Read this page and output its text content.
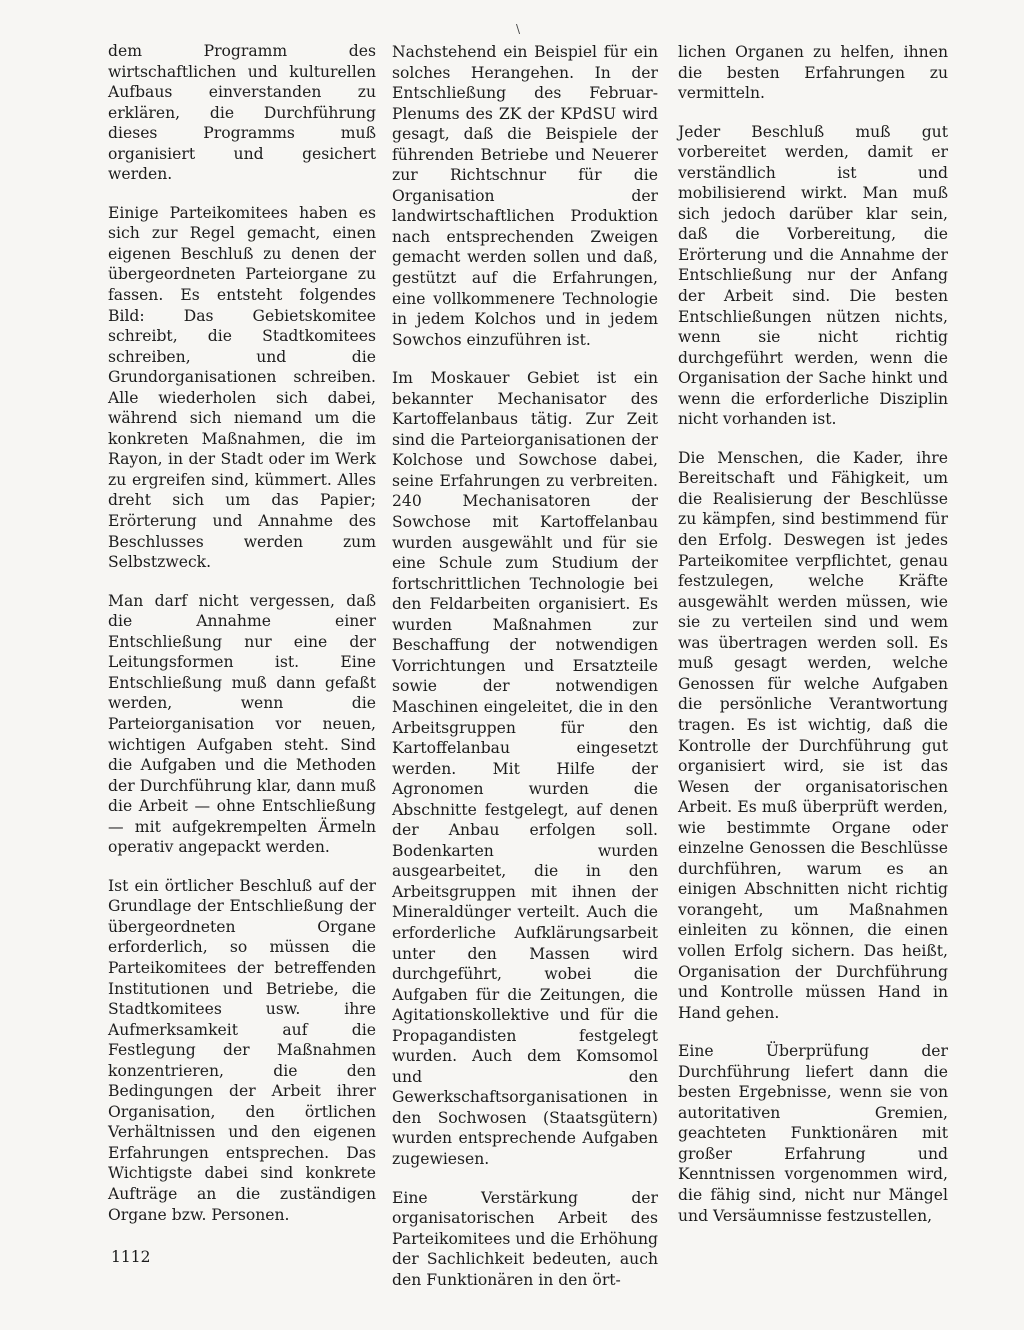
\

dem Programm des wirtschaftlichen und kulturellen Aufbaus einverstanden zu erklären, die Durchführung dieses Programms muß organisiert und gesichert werden.

Einige Parteikomitees haben es sich zur Regel gemacht, einen eigenen Beschluß zu denen der übergeordneten Parteiorgane zu fassen. Es entsteht folgendes Bild: Das Gebietskomitee schreibt, die Stadtkomitees schreiben, und die Grundorganisationen schreiben. Alle wiederholen sich dabei, während sich niemand um die konkreten Maßnahmen, die im Rayon, in der Stadt oder im Werk zu ergreifen sind, kümmert. Alles dreht sich um das Papier; Erörterung und Annahme des Beschlusses werden zum Selbstzweck.

Man darf nicht vergessen, daß die Annahme einer Entschließung nur eine der Leitungsformen ist. Eine Entschließung muß dann gefaßt werden, wenn die Parteiorganisation vor neuen, wichtigen Aufgaben steht. Sind die Aufgaben und die Methoden der Durchführung klar, dann muß die Arbeit — ohne Entschließung — mit aufgekrempelten Ärmeln operativ angepackt werden.

Ist ein örtlicher Beschluß auf der Grundlage der Entschließung der übergeordneten Organe erforderlich, so müssen die Parteikomitees der betreffenden Institutionen und Betriebe, die Stadtkomitees usw. ihre Aufmerksamkeit auf die Festlegung der Maßnahmen konzentrieren, die den Bedingungen der Arbeit ihrer Organisation, den örtlichen Verhältnissen und den eigenen Erfahrungen entsprechen. Das Wichtigste dabei sind konkrete Aufträge an die zuständigen Organe bzw. Personen.

Nachstehend ein Beispiel für ein solches Herangehen. In der Entschließung des Februar-Plenums des ZK der KPdSU wird gesagt, daß die Beispiele der führenden Betriebe und Neuerer zur Richtschnur für die Organisation der landwirtschaftlichen Produktion nach entsprechenden Zweigen gemacht werden sollen und daß, gestützt auf die Erfahrungen, eine vollkommenere Technologie in jedem Kolchos und in jedem Sowchos einzuführen ist.

Im Moskauer Gebiet ist ein bekannter Mechanisator des Kartoffelanbaus tätig. Zur Zeit sind die Parteiorganisationen der Kolchose und Sowchose dabei, seine Erfahrungen zu verbreiten. 240 Mechanisatoren der Sowchose mit Kartoffelanbau wurden ausgewählt und für sie eine Schule zum Studium der fortschrittlichen Technologie bei den Feldarbeiten organisiert. Es wurden Maßnahmen zur Beschaffung der notwendigen Vorrichtungen und Ersatzteile sowie der notwendigen Maschinen eingeleitet, die in den Arbeitsgruppen für den Kartoffelanbau eingesetzt werden. Mit Hilfe der Agronomen wurden die Abschnitte festgelegt, auf denen der Anbau erfolgen soll. Bodenkarten wurden ausgearbeitet, die in den Arbeitsgruppen mit ihnen der Mineraldünger verteilt. Auch die erforderliche Aufklärungsarbeit unter den Massen wird durchgeführt, wobei die Aufgaben für die Zeitungen, die Agitationskollektive und für die Propagandisten festgelegt wurden. Auch dem Komsomol und den Gewerkschaftsorganisationen in den Sochwosen (Staatsgütern) wurden entsprechende Aufgaben zugewiesen.

Eine Verstärkung der organisatorischen Arbeit des Parteikomitees und die Erhöhung der Sachlichkeit bedeuten, auch den Funktionären in den ört-

lichen Organen zu helfen, ihnen die besten Erfahrungen zu vermitteln.

Jeder Beschluß muß gut vorbereitet werden, damit er verständlich ist und mobilisierend wirkt. Man muß sich jedoch darüber klar sein, daß die Vorbereitung, die Erörterung und die Annahme der Entschließung nur der Anfang der Arbeit sind. Die besten Entschließungen nützen nichts, wenn sie nicht richtig durchgeführt werden, wenn die Organisation der Sache hinkt und wenn die erforderliche Disziplin nicht vorhanden ist.

Die Menschen, die Kader, ihre Bereitschaft und Fähigkeit, um die Realisierung der Beschlüsse zu kämpfen, sind bestimmend für den Erfolg. Deswegen ist jedes Parteikomitee verpflichtet, genau festzulegen, welche Kräfte ausgewählt werden müssen, wie sie zu verteilen sind und wem was übertragen werden soll. Es muß gesagt werden, welche Genossen für welche Aufgaben die persönliche Verantwortung tragen. Es ist wichtig, daß die Kontrolle der Durchführung gut organisiert wird, sie ist das Wesen der organisatorischen Arbeit. Es muß überprüft werden, wie bestimmte Organe oder einzelne Genossen die Beschlüsse durchführen, warum es an einigen Abschnitten nicht richtig vorangeht, um Maßnahmen einleiten zu können, die einen vollen Erfolg sichern. Das heißt, Organisation der Durchführung und Kontrolle müssen Hand in Hand gehen.

Eine Überprüfung der Durchführung liefert dann die besten Ergebnisse, wenn sie von autoritativen Gremien, geachteten Funktionären mit großer Erfahrung und Kenntnissen vorgenommen wird, die fähig sind, nicht nur Mängel und Versäumnisse festzustellen,

1112
